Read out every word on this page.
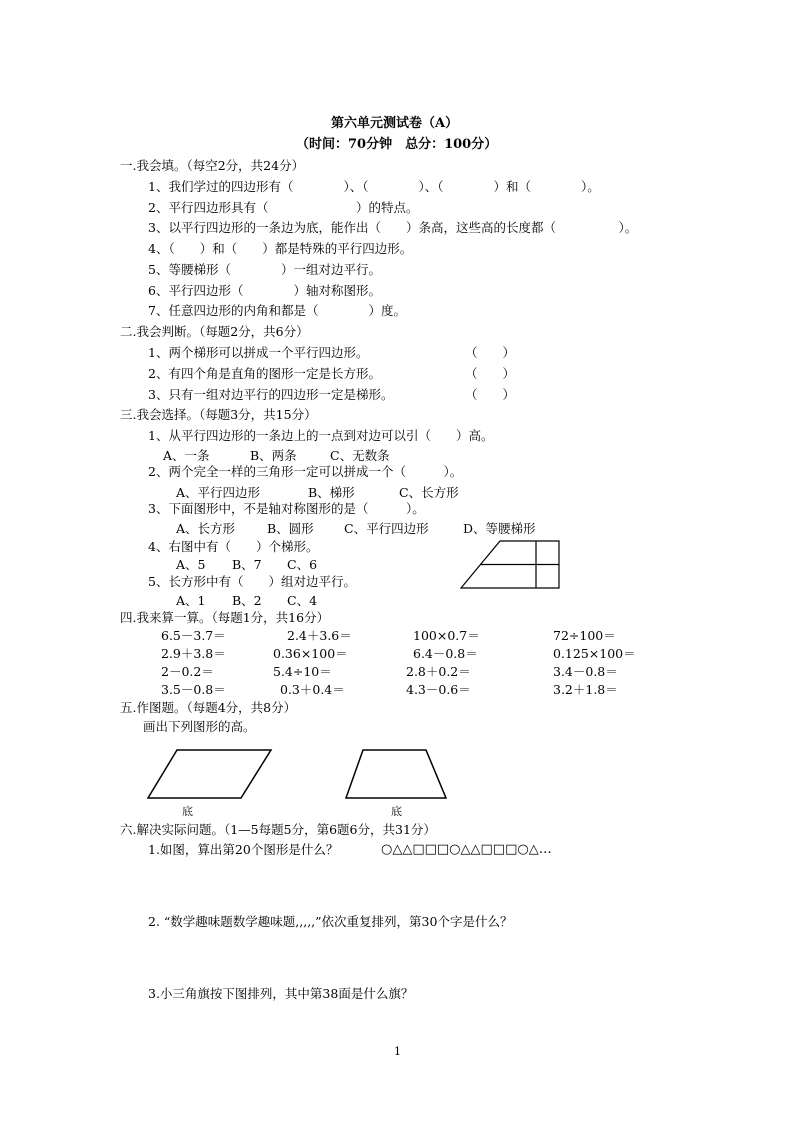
第六单元测试卷（A）
（时间：70分钟　总分：100分）
一.我会填。（每空2分，共24分）
1、我们学过的四边形有（　　　　）、（　　　　）、（　　　　）和（　　　　）。
2、平行四边形具有（　　　　　　　）的特点。
3、以平行四边形的一条边为底，能作出（　　）条高，这些高的长度都（　　　　　）。
4、（　　）和（　　）都是特殊的平行四边形。
5、等腰梯形（　　　　）一组对边平行。
6、平行四边形（　　　　）轴对称图形。
7、任意四边形的内角和都是（　　　　）度。
二.我会判断。（每题2分，共6分）
1、两个梯形可以拼成一个平行四边形。	（　　）
2、有四个角是直角的图形一定是长方形。	（　　）
3、只有一组对边平行的四边形一定是梯形。	（　　）
三.我会选择。（每题3分，共15分）
1、从平行四边形的一条边上的一点到对边可以引（　　）高。
A、一条	B、两条	C、无数条
2、两个完全一样的三角形一定可以拼成一个（　　　）。
A、平行四边形	B、梯形	C、长方形
3、下面图形中，不是轴对称图形的是（　　　）。
A、长方形	B、圆形 C、平行四边形	D、等腰梯形
4、右图中有（　　）个梯形。
A、5 B、7 C、6
5、长方形中有（　　）组对边平行。
A、1 B、2 C、4
四.我来算一算。（每题1分，共16分）
6.5－3.7＝	2.4＋3.6＝	100×0.7＝	72÷100＝
2.9＋3.8＝	0.36×100＝	6.4－0.8＝	0.125×100＝
2－0.2＝	5.4÷10＝	2.8＋0.2＝	3.4－0.8＝
3.5－0.8＝	0.3＋0.4＝	4.3－0.6＝	3.2＋1.8＝
五.作图题。（每题4分，共8分）
画出下列图形的高。
底	底
六.解决实际问题。（1—5每题5分，第6题6分，共31分）
1.如图，算出第20个图形是什么？	○△△□□□○△△□□□○△…
2. “数学趣味题数学趣味题,,,,,”依次重复排列，第30个字是什么？
3.小三角旗按下图排列，其中第38面是什么旗？
1
